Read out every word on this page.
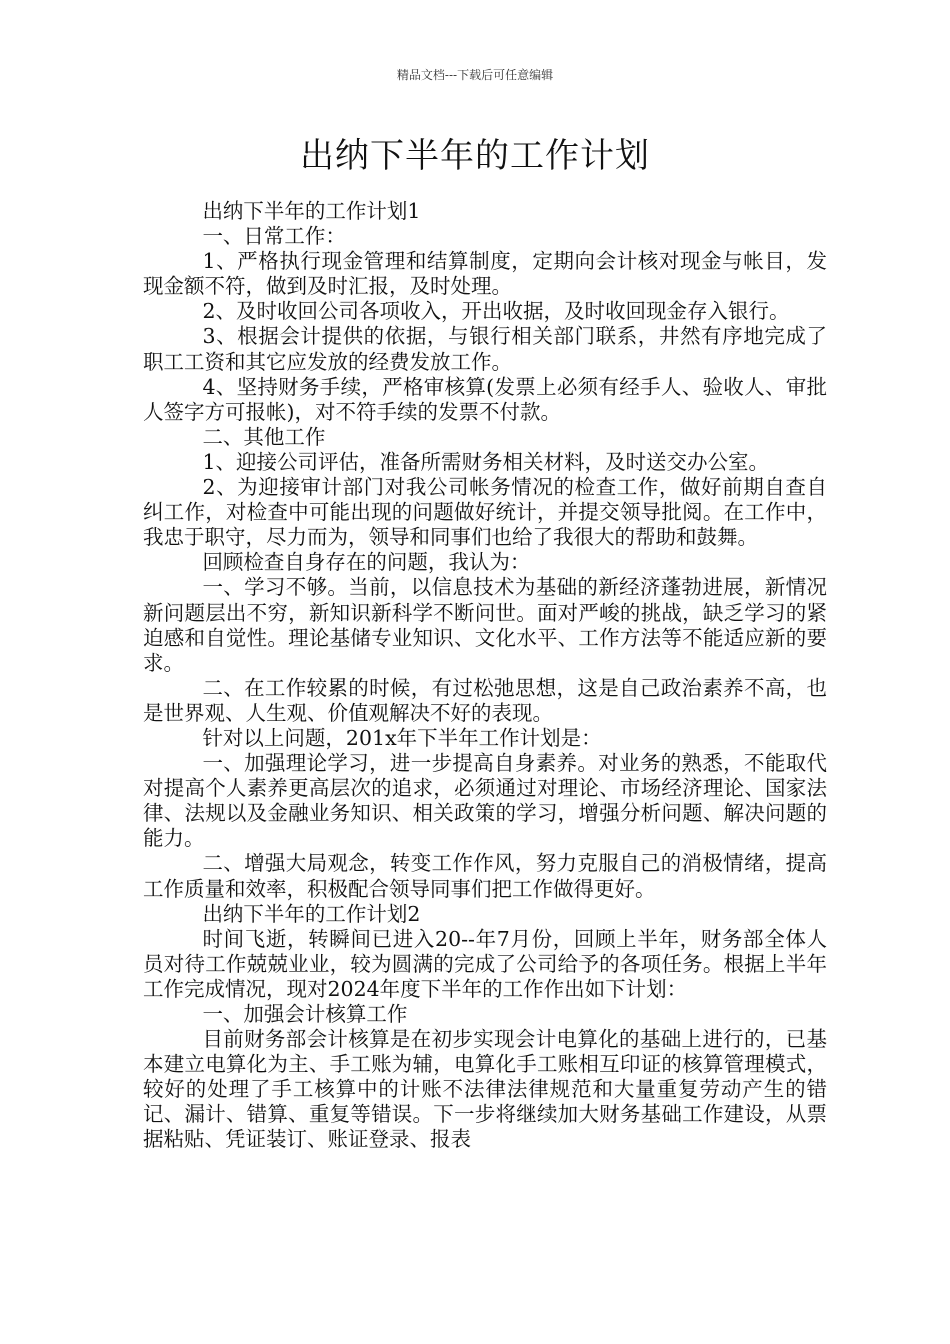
精品文档---下载后可任意编辑
出纳下半年的工作计划

出纳下半年的工作计划1

一、日常工作：

1、严格执行现金管理和结算制度，定期向会计核对现金与帐目，发现金额不符，做到及时汇报，及时处理。

2、及时收回公司各项收入，开出收据，及时收回现金存入银行。

3、根据会计提供的依据，与银行相关部门联系，井然有序地完成了职工工资和其它应发放的经费发放工作。

4、坚持财务手续，严格审核算(发票上必须有经手人、验收人、审批人签字方可报帐)，对不符手续的发票不付款。

二、其他工作

1、迎接公司评估，准备所需财务相关材料，及时送交办公室。

2、为迎接审计部门对我公司帐务情况的检查工作，做好前期自查自纠工作，对检查中可能出现的问题做好统计，并提交领导批阅。在工作中，我忠于职守，尽力而为，领导和同事们也给了我很大的帮助和鼓舞。

回顾检查自身存在的问题，我认为：

一、学习不够。当前，以信息技术为基础的新经济蓬勃进展，新情况新问题层出不穷，新知识新科学不断问世。面对严峻的挑战，缺乏学习的紧迫感和自觉性。理论基储专业知识、文化水平、工作方法等不能适应新的要求。

二、在工作较累的时候，有过松弛思想，这是自己政治素养不高，也是世界观、人生观、价值观解决不好的表现。

针对以上问题，201x年下半年工作计划是：

一、加强理论学习，进一步提高自身素养。对业务的熟悉，不能取代对提高个人素养更高层次的追求，必须通过对理论、市场经济理论、国家法律、法规以及金融业务知识、相关政策的学习，增强分析问题、解决问题的能力。

二、增强大局观念，转变工作作风，努力克服自己的消极情绪，提高工作质量和效率，积极配合领导同事们把工作做得更好。

出纳下半年的工作计划2

时间飞逝，转瞬间已进入20--年7月份，回顾上半年，财务部全体人员对待工作兢兢业业，较为圆满的完成了公司给予的各项任务。根据上半年工作完成情况，现对2024年度下半年的工作作出如下计划：

一、加强会计核算工作

目前财务部会计核算是在初步实现会计电算化的基础上进行的，已基本建立电算化为主、手工账为辅，电算化手工账相互印证的核算管理模式，较好的处理了手工核算中的计账不法律法律规范和大量重复劳动产生的错记、漏计、错算、重复等错误。下一步将继续加大财务基础工作建设，从票据粘贴、凭证装订、账证登录、报表
